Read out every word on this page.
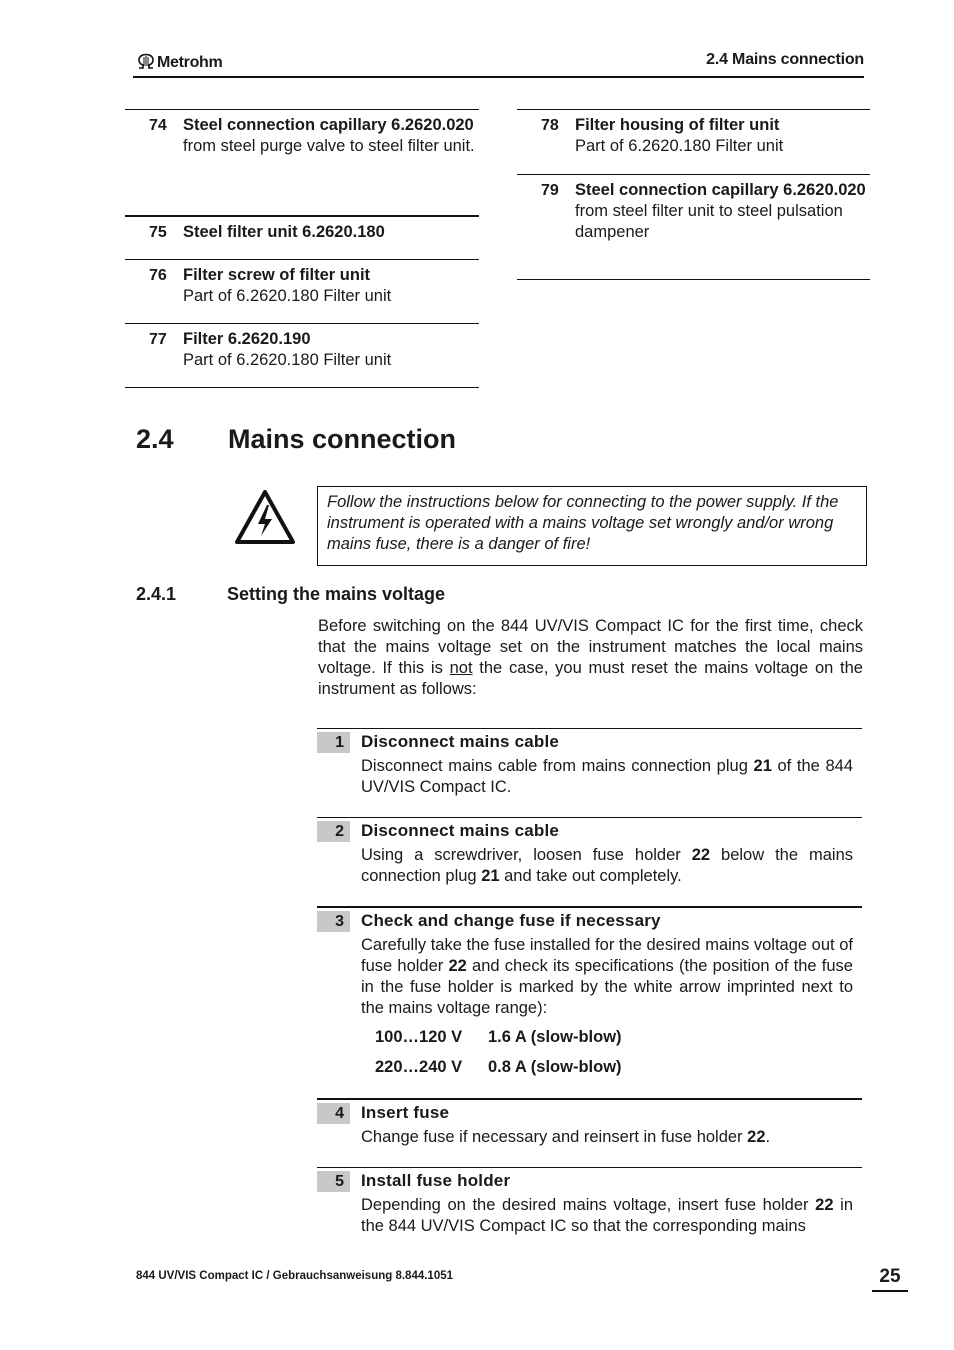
Metrohm	2.4 Mains connection
74 Steel connection capillary 6.2620.020
from steel purge valve to steel filter unit.
75 Steel filter unit 6.2620.180
76 Filter screw of filter unit
Part of 6.2620.180 Filter unit
77 Filter 6.2620.190
Part of 6.2620.180 Filter unit
78 Filter housing of filter unit
Part of 6.2620.180 Filter unit
79 Steel connection capillary 6.2620.020
from steel filter unit to steel pulsation dampener
2.4 Mains connection
Follow the instructions below for connecting to the power supply. If the instrument is operated with a mains voltage set wrongly and/or wrong mains fuse, there is a danger of fire!
2.4.1	Setting the mains voltage
Before switching on the 844 UV/VIS Compact IC for the first time, check that the mains voltage set on the instrument matches the local mains voltage. If this is not the case, you must reset the mains voltage on the instrument as follows:
1	Disconnect mains cable
Disconnect mains cable from mains connection plug 21 of the 844 UV/VIS Compact IC.
2	Disconnect mains cable
Using a screwdriver, loosen fuse holder 22 below the mains connection plug 21 and take out completely.
3	Check and change fuse if necessary
Carefully take the fuse installed for the desired mains voltage out of fuse holder 22 and check its specifications (the position of the fuse in the fuse holder is marked by the white arrow imprinted next to the mains voltage range):
100…120 V 1.6 A (slow-blow)
220…240 V 0.8 A (slow-blow)
4	Insert fuse
Change fuse if necessary and reinsert in fuse holder 22.
5	Install fuse holder
Depending on the desired mains voltage, insert fuse holder 22 in the 844 UV/VIS Compact IC so that the corresponding mains
844 UV/VIS Compact IC / Gebrauchsanweisung 8.844.1051	25
